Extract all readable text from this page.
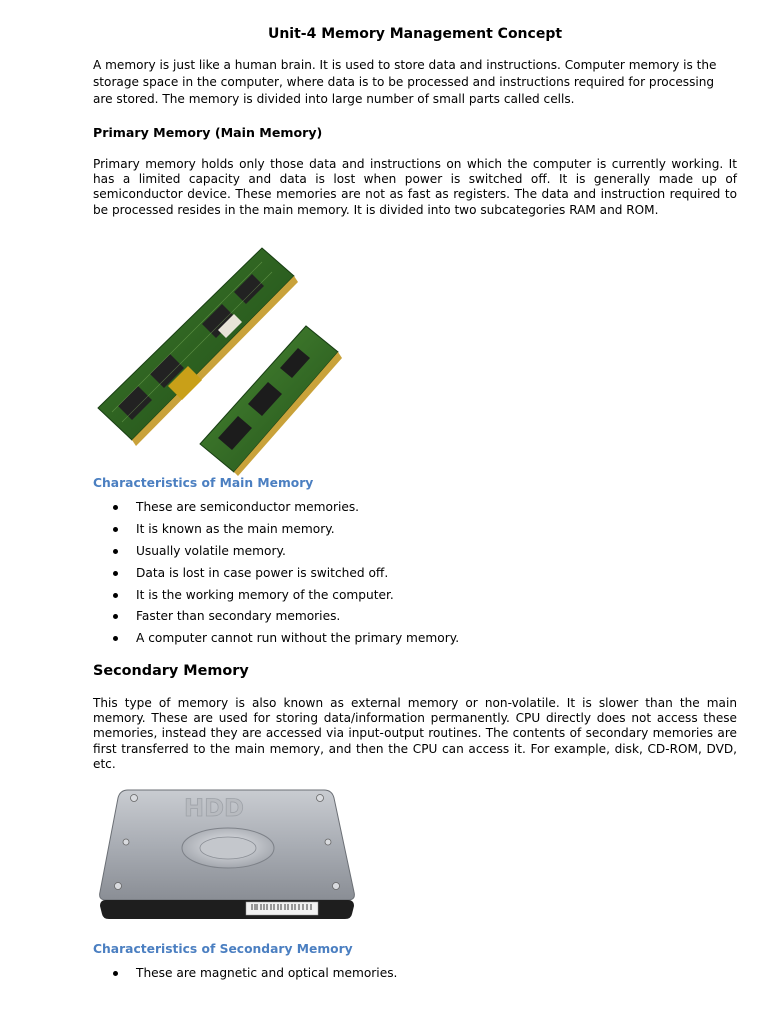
Unit-4 Memory Management Concept

A memory is just like a human brain. It is used to store data and instructions. Computer memory is the storage space in the computer, where data is to be processed and instructions required for processing are stored. The memory is divided into large number of small parts called cells.

Primary Memory (Main Memory)

Primary memory holds only those data and instructions on which the computer is currently working. It has a limited capacity and data is lost when power is switched off. It is generally made up of semiconductor device. These memories are not as fast as registers. The data and instruction required to be processed resides in the main memory. It is divided into two subcategories RAM and ROM.

Characteristics of Main Memory
These are semiconductor memories.
It is known as the main memory.
Usually volatile memory.
Data is lost in case power is switched off.
It is the working memory of the computer.
Faster than secondary memories.
A computer cannot run without the primary memory.
Secondary Memory

This type of memory is also known as external memory or non-volatile. It is slower than the main memory. These are used for storing data/information permanently. CPU directly does not access these memories, instead they are accessed via input-output routines. The contents of secondary memories are first transferred to the main memory, and then the CPU can access it. For example, disk, CD-ROM, DVD, etc.

HDD
Characteristics of Secondary Memory
These are magnetic and optical memories.
